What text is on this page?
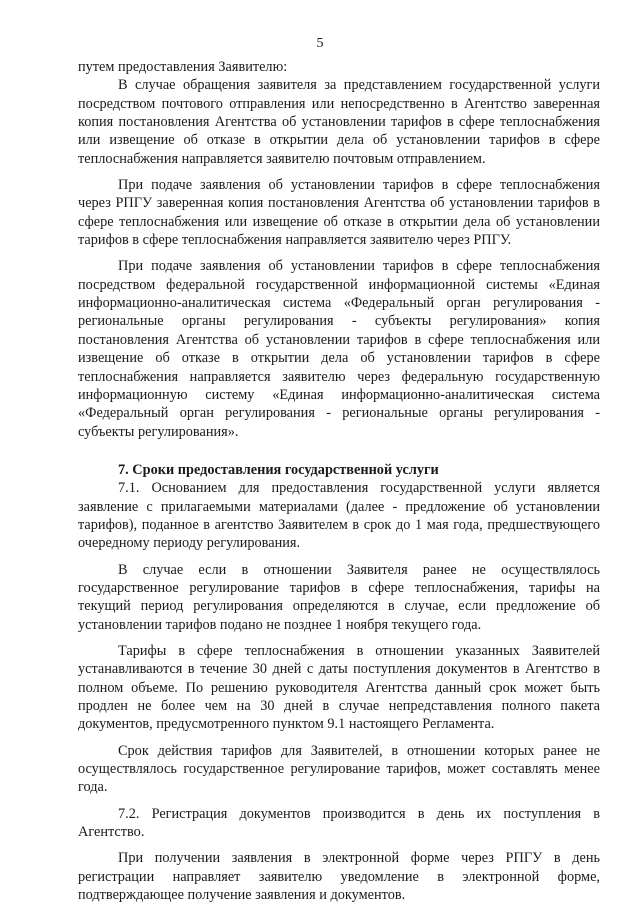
5

путем предоставления Заявителю:

В случае обращения заявителя за представлением государственной услуги посредством почтового отправления или непосредственно в Агентство заверенная копия постановления Агентства об установлении тарифов в сфере теплоснабжения или извещение об отказе в открытии дела об установлении тарифов в сфере теплоснабжения направляется заявителю почтовым отправлением.

При подаче заявления об установлении тарифов в сфере теплоснабжения через РПГУ заверенная копия постановления Агентства об установлении тарифов в сфере теплоснабжения или извещение об отказе в открытии дела об установлении тарифов в сфере теплоснабжения направляется заявителю через РПГУ.

При подаче заявления об установлении тарифов в сфере теплоснабжения посредством федеральной государственной информационной системы «Единая информационно-аналитическая система «Федеральный орган регулирования - региональные органы регулирования - субъекты регулирования» копия постановления Агентства об установлении тарифов в сфере теплоснабжения или извещение об отказе в открытии дела об установлении тарифов в сфере теплоснабжения направляется заявителю через федеральную государственную информационную систему «Единая информационно-аналитическая система «Федеральный орган регулирования - региональные органы регулирования - субъекты регулирования».

7. Сроки предоставления государственной услуги

7.1. Основанием для предоставления государственной услуги является заявление с прилагаемыми материалами (далее - предложение об установлении тарифов), поданное в агентство Заявителем в срок до 1 мая года, предшествующего очередному периоду регулирования.

В случае если в отношении Заявителя ранее не осуществлялось государственное регулирование тарифов в сфере теплоснабжения, тарифы на текущий период регулирования определяются в случае, если предложение об установлении тарифов подано не позднее 1 ноября текущего года.

Тарифы в сфере теплоснабжения в отношении указанных Заявителей устанавливаются в течение 30 дней с даты поступления документов в Агентство в полном объеме. По решению руководителя Агентства данный срок может быть продлен не более чем на 30 дней в случае непредставления полного пакета документов, предусмотренного пунктом 9.1 настоящего Регламента.

Срок действия тарифов для Заявителей, в отношении которых ранее не осуществлялось государственное регулирование тарифов, может составлять менее года.

7.2. Регистрация документов производится в день их поступления в Агентство.

При получении заявления в электронной форме через РПГУ в день регистрации направляет заявителю уведомление в электронной форме, подтверждающее получение заявления и документов.
